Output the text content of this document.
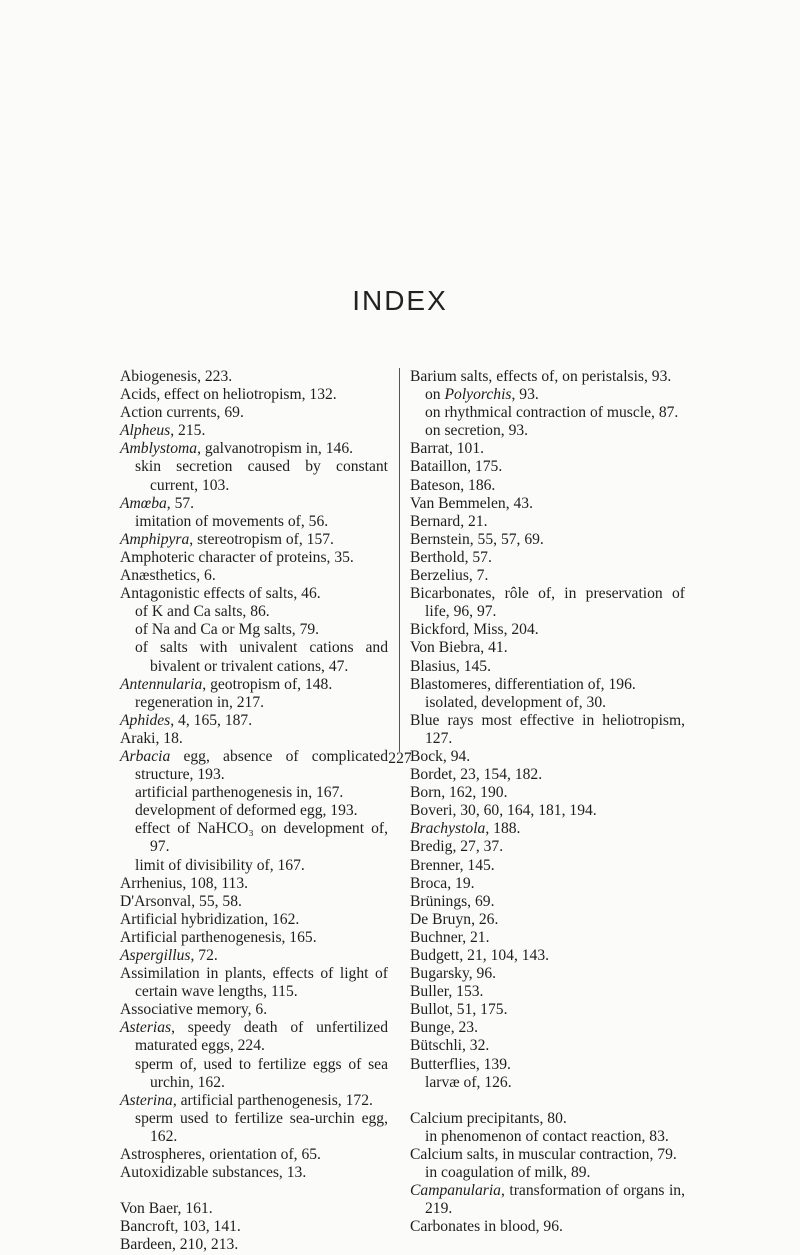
INDEX
Abiogenesis, 223.
Acids, effect on heliotropism, 132.
Action currents, 69.
Alpheus, 215.
Amblystoma, galvanotropism in, 146.
skin secretion caused by constant current, 103.
Amœba, 57.
imitation of movements of, 56.
Amphipyra, stereotropism of, 157.
Amphoteric character of proteins, 35.
Anæsthetics, 6.
Antagonistic effects of salts, 46.
of K and Ca salts, 86.
of Na and Ca or Mg salts, 79.
of salts with univalent cations and bivalent or trivalent cations, 47.
Antennularia, geotropism of, 148.
regeneration in, 217.
Aphides, 4, 165, 187.
Araki, 18.
Arbacia egg, absence of complicated structure, 193.
artificial parthenogenesis in, 167.
development of deformed egg, 193.
effect of NaHCO₃ on development of, 97.
limit of divisibility of, 167.
Arrhenius, 108, 113.
D'Arsonval, 55, 58.
Artificial hybridization, 162.
Artificial parthenogenesis, 165.
Aspergillus, 72.
Assimilation in plants, effects of light of certain wave lengths, 115.
Associative memory, 6.
Asterias, speedy death of unfertilized maturated eggs, 224.
sperm of, used to fertilize eggs of sea urchin, 162.
Asterina, artificial parthenogenesis, 172.
sperm used to fertilize sea-urchin egg, 162.
Astrospheres, orientation of, 65.
Autoxidizable substances, 13.
Von Baer, 161.
Bancroft, 103, 141.
Bardeen, 210, 213.
Barium salts, effects of, on peristalsis, 93.
on Polyorchis, 93.
on rhythmical contraction of muscle, 87.
on secretion, 93.
Barrat, 101.
Bataillon, 175.
Bateson, 186.
Van Bemmelen, 43.
Bernard, 21.
Bernstein, 55, 57, 69.
Berthold, 57.
Berzelius, 7.
Bicarbonates, rôle of, in preservation of life, 96, 97.
Bickford, Miss, 204.
Von Biebra, 41.
Blasius, 145.
Blastomeres, differentiation of, 196.
isolated, development of, 30.
Blue rays most effective in heliotropism, 127.
Bock, 94.
Bordet, 23, 154, 182.
Born, 162, 190.
Boveri, 30, 60, 164, 181, 194.
Brachystola, 188.
Bredig, 27, 37.
Brenner, 145.
Broca, 19.
Brünings, 69.
De Bruyn, 26.
Buchner, 21.
Budgett, 21, 104, 143.
Bugarsky, 96.
Buller, 153.
Bullot, 51, 175.
Bunge, 23.
Bütschli, 32.
Butterflies, 139.
larvæ of, 126.
Calcium precipitants, 80.
in phenomenon of contact reaction, 83.
Calcium salts, in muscular contraction, 79.
in coagulation of milk, 89.
Campanularia, transformation of organs in, 219.
Carbonates in blood, 96.
227
